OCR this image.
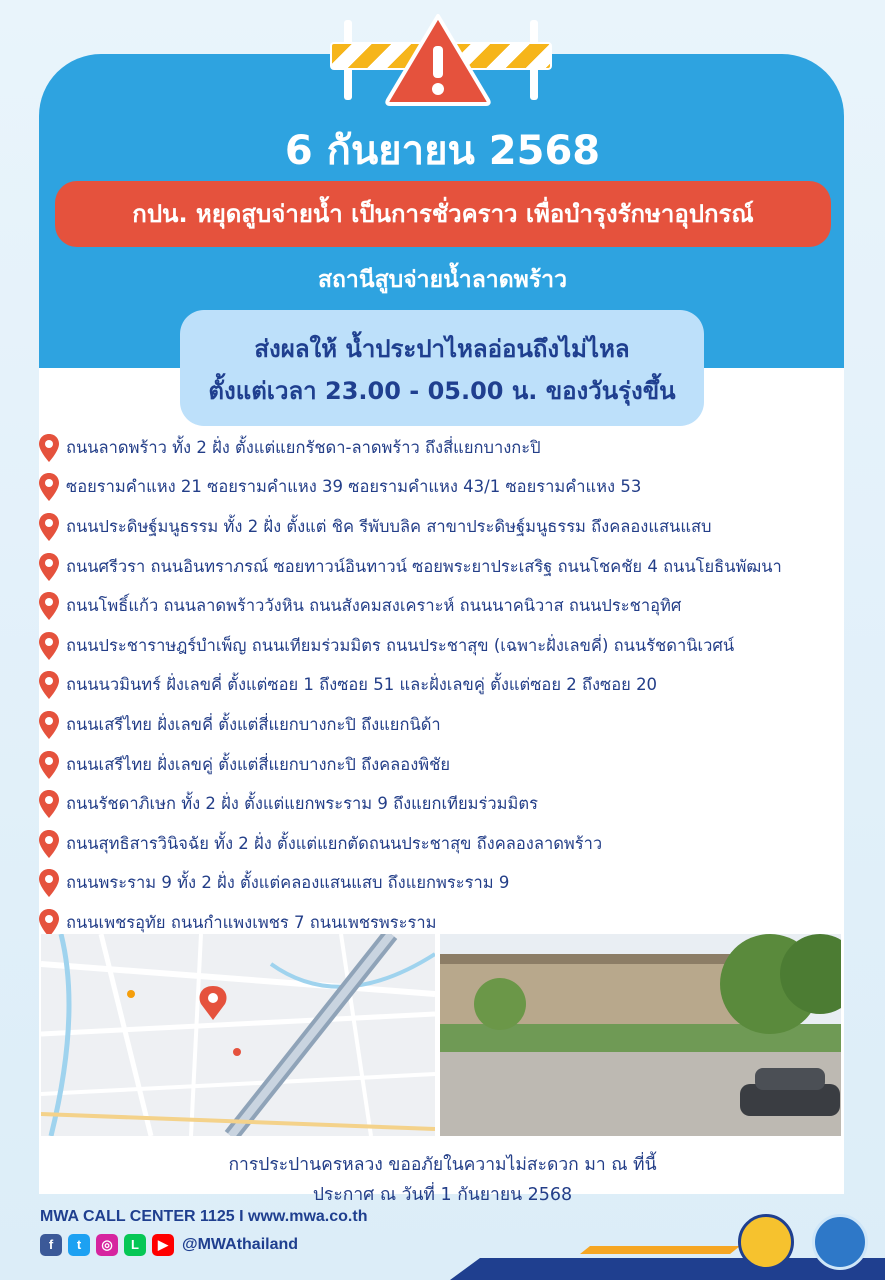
6 กันยายน 2568
กปน. หยุดสูบจ่ายน้ำ เป็นการชั่วคราว เพื่อบำรุงรักษาอุปกรณ์
สถานีสูบจ่ายน้ำลาดพร้าว
ส่งผลให้ น้ำประปาไหลอ่อนถึงไม่ไหล
ตั้งแต่เวลา 23.00 - 05.00 น. ของวันรุ่งขึ้น
ถนนลาดพร้าว ทั้ง 2 ฝั่ง ตั้งแต่แยกรัชดา-ลาดพร้าว ถึงสี่แยกบางกะปิ
ซอยรามคำแหง 21 ซอยรามคำแหง 39 ซอยรามคำแหง 43/1 ซอยรามคำแหง 53
ถนนประดิษฐ์มนูธรรม ทั้ง 2 ฝั่ง ตั้งแต่ ชิค รีพับบลิค สาขาประดิษฐ์มนูธรรม ถึงคลองแสนแสบ
ถนนศรีวรา ถนนอินทราภรณ์ ซอยทาวน์อินทาวน์ ซอยพระยาประเสริฐ ถนนโชคชัย 4 ถนนโยธินพัฒนา
ถนนโพธิ์แก้ว ถนนลาดพร้าววังหิน ถนนสังคมสงเคราะห์ ถนนนาคนิวาส ถนนประชาอุทิศ
ถนนประชาราษฎร์บำเพ็ญ ถนนเทียมร่วมมิตร ถนนประชาสุข (เฉพาะฝั่งเลขคี่) ถนนรัชดานิเวศน์
ถนนนวมินทร์ ฝั่งเลขคี่ ตั้งแต่ซอย 1 ถึงซอย 51 และฝั่งเลขคู่ ตั้งแต่ซอย 2 ถึงซอย 20
ถนนเสรีไทย ฝั่งเลขคี่ ตั้งแต่สี่แยกบางกะปิ ถึงแยกนิด้า
ถนนเสรีไทย ฝั่งเลขคู่ ตั้งแต่สี่แยกบางกะปิ ถึงคลองพิชัย
ถนนรัชดาภิเษก ทั้ง 2 ฝั่ง ตั้งแต่แยกพระราม 9 ถึงแยกเทียมร่วมมิตร
ถนนสุทธิสารวินิจฉัย ทั้ง 2 ฝั่ง ตั้งแต่แยกตัดถนนประชาสุข ถึงคลองลาดพร้าว
ถนนพระราม 9 ทั้ง 2 ฝั่ง ตั้งแต่คลองแสนแสบ ถึงแยกพระราม 9
ถนนเพชรอุทัย ถนนกำแพงเพชร 7 ถนนเพชรพระราม
การประปานครหลวง ขออภัยในความไม่สะดวก มา ณ ที่นี้
ประกาศ ณ วันที่ 1 กันยายน 2568
MWA CALL CENTER 1125 I www.mwa.co.th
f	t	◎	L	▶ @MWAthailand
